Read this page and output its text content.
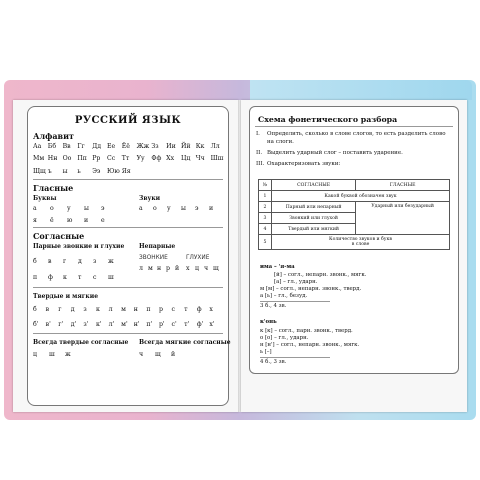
РУССКИЙ ЯЗЫК
Алфавит
Аа	Бб	Вв	Гг	Дд Ее	Ёё	Жж Зз	Ии Йй Кк Лл
Мм Нн Оо Пп Рр	Сс	Тт	Уу	Фф Хх	Цц Чч Шш
Щщ ъ	ы	ь	Ээ	Юю Яя
Гласные
Буквы	Звуки
а	о	у	ы	э
я	ё	ю	и	е
а	о	у	ы	э	и
Согласные
Парные звонкие и глухие Непарные
б	в	г	д	з	ж
п	ф	к	т	с	ш
ЗВОНКИЕ	ГЛУХИЕ
л м н р й	х ц ч щ
Твердые и мягкие
б	в	г	д	з	к	л	м	н	п	р	с	т	ф	х
б'	в'	г'	д'	з'	к'	л'	м' н'	п'	р'	с'	т'	ф' х'
Всегда твердые согласные Всегда мягкие согласные
ц	ш	ж	ч	щ	й
Схема фонетического разбора
I. Определить, сколько в слове слогов, то есть разделить слово
на слоги.
II. Выделить ударный слог – поставить ударение.
III. Охарактеризовать звуки:
№	СОГЛАСНЫЕ	ГЛАСНЫЕ
1	Какой буквой обозначен звук	
2	Парный или непарный	Ударный или безударный
3	Звонкий или глухой	
4	Твердый или мягкий	
5	Количество звуков и букв
в слове	
има – 'я-ма
[й] – согл., непарн. звонк., мягк.
[а] – гл., ударн.
м [м] – согл., непарн. звонк., тверд.
а [ь] – гл., безуд.
3 б., 4 зв.
к'онь
к [к] – согл., парн. звонк., тверд.
о [о] – гл., ударн.
н [н'] – согл., непарн. звонк., мягк.
ь [–]
4 б., 3 зв.
